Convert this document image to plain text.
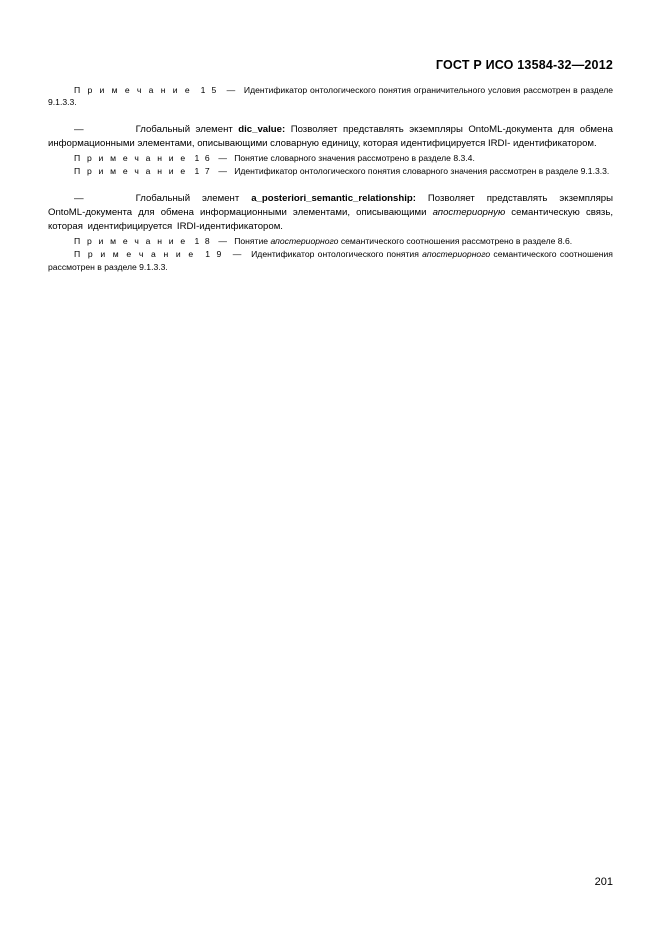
ГОСТ Р ИСО 13584-32—2012

П р и м е ч а н и е 1 5 — Идентификатор онтологического понятия ограничительного условия рассмотрен в разделе 9.1.3.3.

—	Глобальный элемент dic_value: Позволяет представлять экземпляры OntoML-документа для обмена информационными элементами, описывающими словарную единицу, которая идентифицируется IRDI- идентификатором.

П р и м е ч а н и е 1 6 — Понятие словарного значения рассмотрено в разделе 8.3.4.

П р и м е ч а н и е 1 7 — Идентификатор онтологического понятия словарного значения рассмотрен в разделе 9.1.3.3.

—	Глобальный элемент a_posteriori_semantic_relationship: Позволяет представлять экземпляры OntoML-документа для обмена информационными элементами, описывающими апостериорную семантическую связь, которая идентифицируется IRDI-идентификатором.

П р и м е ч а н и е 1 8 — Понятие апостериорного семантического соотношения рассмотрено в разделе 8.6.

П р и м е ч а н и е 1 9 — Идентификатор онтологического понятия апостериорного семантического соотношения рассмотрен в разделе 9.1.3.3.

201
